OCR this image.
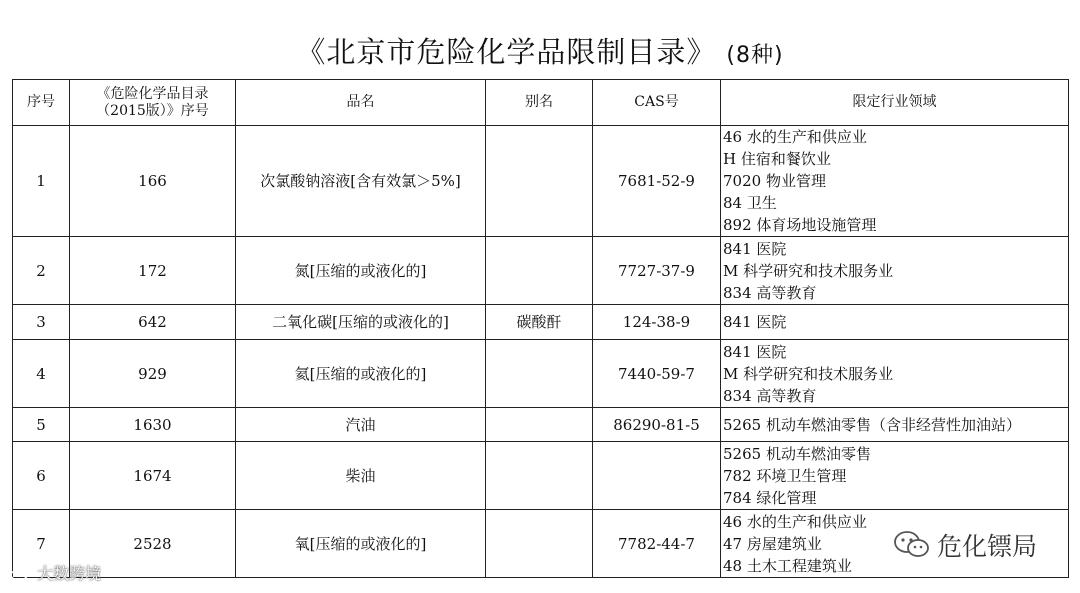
《北京市危险化学品限制目录》 (8种)
序号	《危险化学品目录（2015版）》序号	品名	别名	CAS号	限定行业领域
1	166	次氯酸钠溶液[含有效氯＞5%]		7681-52-9	46 水的生产和供应业
H 住宿和餐饮业
7020 物业管理
84 卫生
892 体育场地设施管理

2	172	氮[压缩的或液化的]		7727-37-9	841 医院
M 科学研究和技术服务业
834 高等教育

3	642	二氧化碳[压缩的或液化的]	碳酸酐	124-38-9	841 医院

4	929	氦[压缩的或液化的]		7440-59-7	841 医院
M 科学研究和技术服务业
834 高等教育

5	1630	汽油		86290-81-5	5265 机动车燃油零售（含非经营性加油站）

6	1674	柴油			5265 机动车燃油零售
782 环境卫生管理
784 绿化管理

7	2528	氧[压缩的或液化的]		7782-44-7	46 水的生产和供应业
47 房屋建筑业
48 土木工程建筑业
大数跨境
危化镖局
